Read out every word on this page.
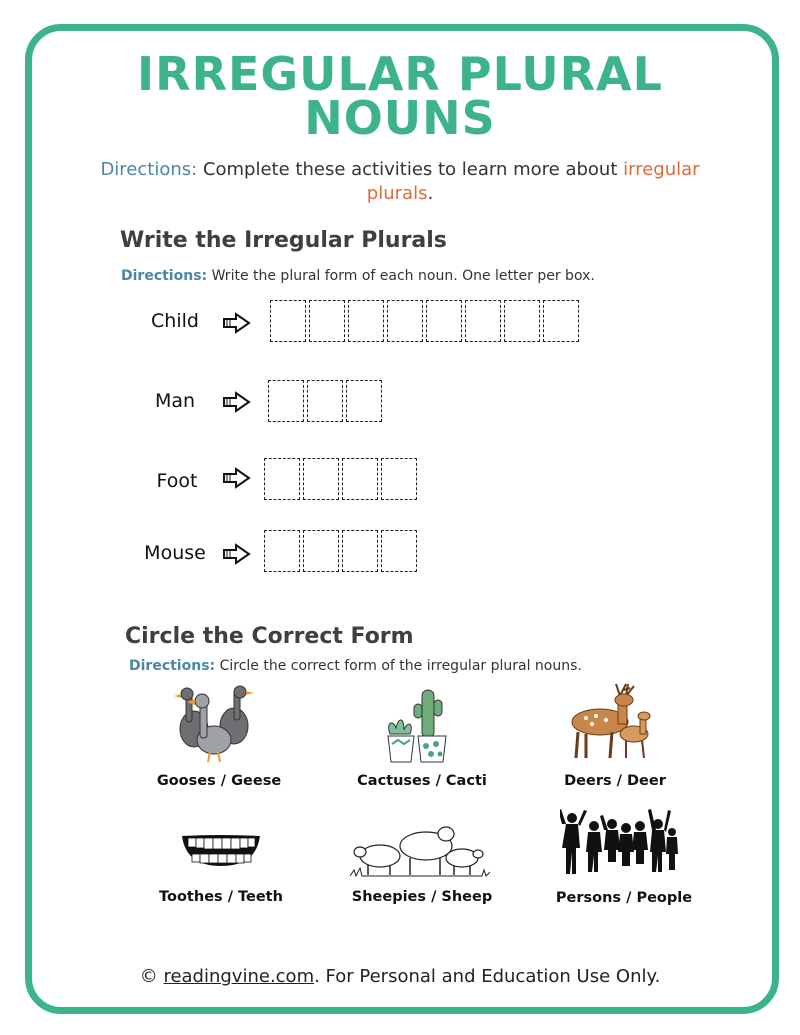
IRREGULAR PLURAL
NOUNS
Directions: Complete these activities to learn more about irregular plurals.
Write the Irregular Plurals
Directions: Write the plural form of each noun. One letter per box.
Child
Man
Foot
Mouse
Circle the Correct Form
Directions: Circle the correct form of the irregular plural nouns.
Gooses / Geese	Cactuses / Cacti	Deers / Deer
Toothes / Teeth	Sheepies / Sheep	Persons / People
© readingvine.com. For Personal and Education Use Only.
